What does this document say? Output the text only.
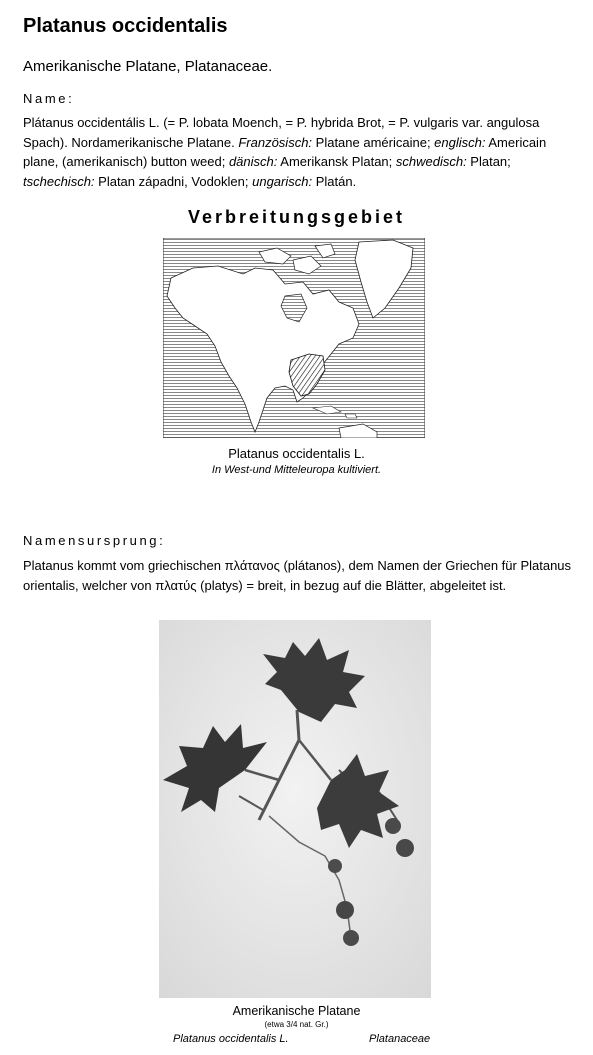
Platanus occidentalis
Amerikanische Platane, Platanaceae.
Name:
Plátanus occidentális L. (= P. lobata Moench, = P. hybrida Brot, = P. vulgaris var. angulosa Spach). Nordamerikanische Platane. Französisch: Platane américaine; englisch: Americain plane, (amerikanisch) button weed; dänisch: Amerikansk Platan; schwedisch: Platan; tschechisch: Platan západni, Vodoklen; ungarisch: Platán.
Verbreitungsgebiet
Platanus occidentalis L.
In West-und Mitteleuropa kultiviert.
Namensursprung:
Platanus kommt vom griechischen πλάτανος (plátanos), dem Namen der Griechen für Platanus orientalis, welcher von πλατύς (platys) = breit, in bezug auf die Blätter, abgeleitet ist.
Amerikanische Platane
(etwa 3/4 nat. Gr.)
Platanus occidentalis L.	Platanaceae
